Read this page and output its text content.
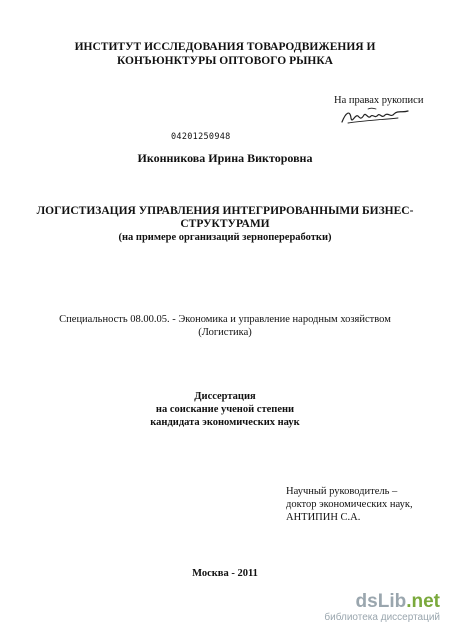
ИНСТИТУТ ИССЛЕДОВАНИЯ ТОВАРОДВИЖЕНИЯ И
КОНЪЮНКТУРЫ ОПТОВОГО РЫНКА
На правах рукописи
04201250948
Иконникова Ирина Викторовна
ЛОГИСТИЗАЦИЯ УПРАВЛЕНИЯ ИНТЕГРИРОВАННЫМИ БИЗНЕС-
СТРУКТУРАМИ
(на примере организаций зернопереработки)
Специальность 08.00.05. - Экономика и управление народным хозяйством
(Логистика)
Диссертация
на соискание ученой степени
кандидата экономических наук
Научный руководитель –
доктор экономических наук,
АНТИПИН С.А.
Москва - 2011
dsLib.net
библиотека диссертаций
